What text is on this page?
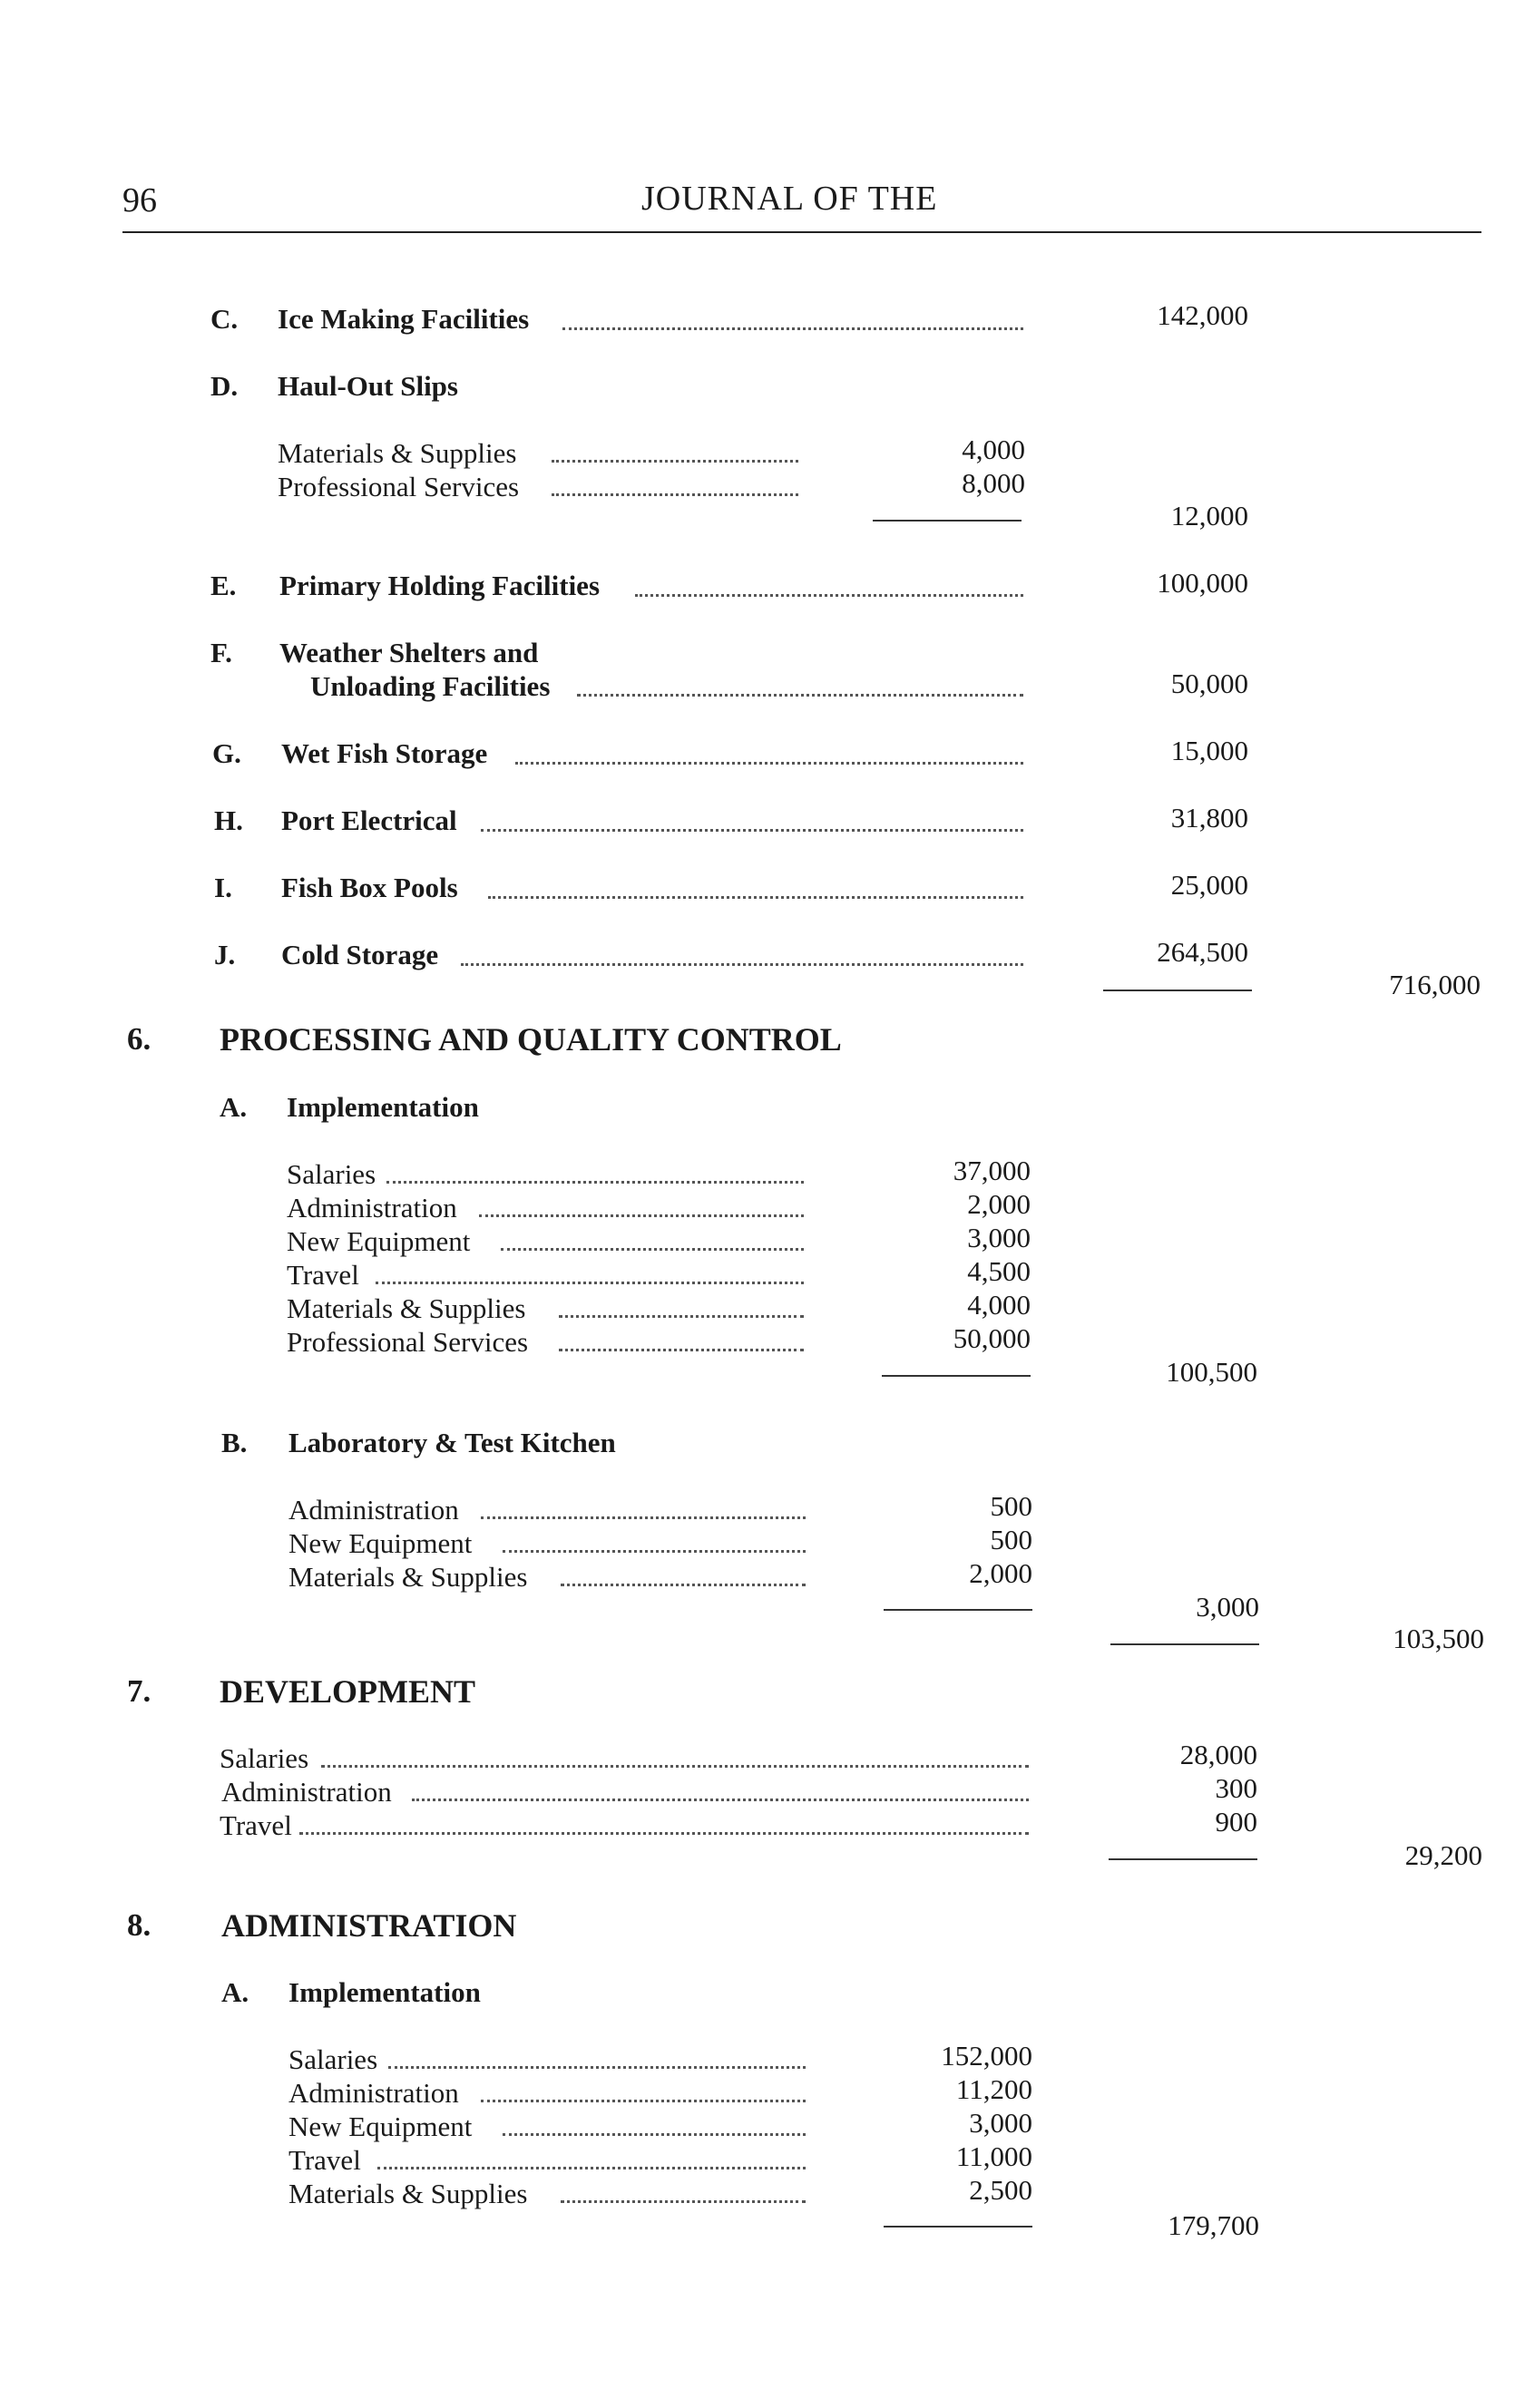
96	JOURNAL OF THE
C. Ice Making Facilities	142,000
D. Haul-Out Slips
Materials & Supplies	4,000
Professional Services	8,000
12,000
E. Primary Holding Facilities	100,000
F. Weather Shelters and
Unloading Facilities	50,000
G. Wet Fish Storage	15,000
H. Port Electrical	31,800
I. Fish Box Pools	25,000
J. Cold Storage	264,500
716,000
6. PROCESSING AND QUALITY CONTROL
A. Implementation
Salaries	37,000
Administration	2,000
New Equipment	3,000
Travel	4,500
Materials & Supplies	4,000
Professional Services	50,000
100,500
B. Laboratory & Test Kitchen
Administration	500
New Equipment	500
Materials & Supplies	2,000
3,000
103,500
7. DEVELOPMENT
Salaries	28,000
Administration	300
Travel	900
29,200
8. ADMINISTRATION
A. Implementation
Salaries	152,000
Administration	11,200
New Equipment	3,000
Travel	11,000
Materials & Supplies	2,500
179,700
